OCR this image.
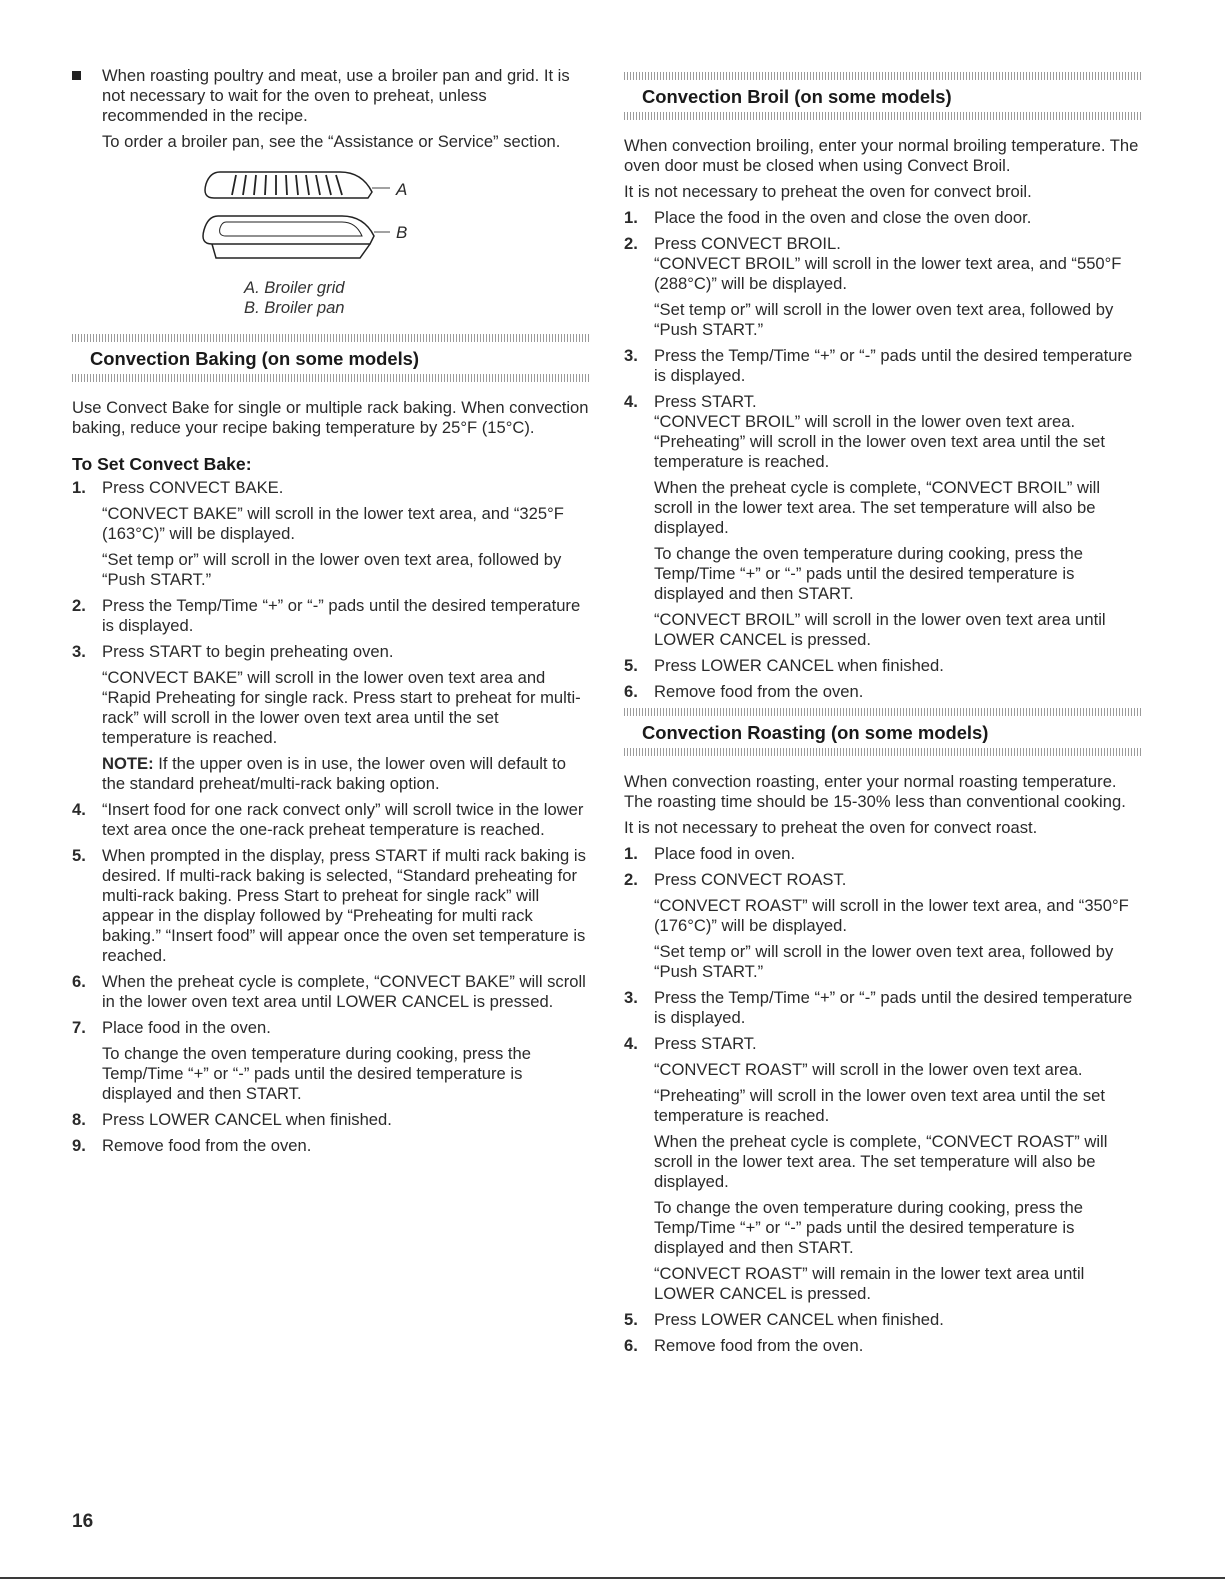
When roasting poultry and meat, use a broiler pan and grid. It is not necessary to wait for the oven to preheat, unless recommended in the recipe.

To order a broiler pan, see the “Assistance or Service” section.

A
B
A. Broiler grid
B. Broiler pan
Convection Baking (on some models)

Use Convect Bake for single or multiple rack baking. When convection baking, reduce your recipe baking temperature by 25°F (15°C).

To Set Convect Bake:
1. Press CONVECT BAKE.

“CONVECT BAKE” will scroll in the lower text area, and “325°F (163°C)” will be displayed.

“Set temp or” will scroll in the lower oven text area, followed by “Push START.”

2. Press the Temp/Time “+” or “-” pads until the desired temperature is displayed.

3. Press START to begin preheating oven.

“CONVECT BAKE” will scroll in the lower oven text area and “Rapid Preheating for single rack. Press start to preheat for multi-rack” will scroll in the lower oven text area until the set temperature is reached.

NOTE: If the upper oven is in use, the lower oven will default to the standard preheat/multi-rack baking option.

4. “Insert food for one rack convect only” will scroll twice in the lower text area once the one-rack preheat temperature is reached.

5. When prompted in the display, press START if multi rack baking is desired. If multi-rack baking is selected, “Standard preheating for multi-rack baking. Press Start to preheat for single rack” will appear in the display followed by “Preheating for multi rack baking.” “Insert food” will appear once the oven set temperature is reached.

6. When the preheat cycle is complete, “CONVECT BAKE” will scroll in the lower oven text area until LOWER CANCEL is pressed.

7. Place food in the oven.

To change the oven temperature during cooking, press the Temp/Time “+” or “-” pads until the desired temperature is displayed and then START.

8. Press LOWER CANCEL when finished.

9. Remove food from the oven.

Convection Broil (on some models)

When convection broiling, enter your normal broiling temperature. The oven door must be closed when using Convect Broil.

It is not necessary to preheat the oven for convect broil.

1. Place the food in the oven and close the oven door.

2. Press CONVECT BROIL.

“CONVECT BROIL” will scroll in the lower text area, and “550°F (288°C)” will be displayed.

“Set temp or” will scroll in the lower oven text area, followed by “Push START.”

3. Press the Temp/Time “+” or “-” pads until the desired temperature is displayed.

4. Press START.

“CONVECT BROIL” will scroll in the lower oven text area. “Preheating” will scroll in the lower oven text area until the set temperature is reached.

When the preheat cycle is complete, “CONVECT BROIL” will scroll in the lower text area. The set temperature will also be displayed.

To change the oven temperature during cooking, press the Temp/Time “+” or “-” pads until the desired temperature is displayed and then START.

“CONVECT BROIL” will scroll in the lower oven text area until LOWER CANCEL is pressed.

5. Press LOWER CANCEL when finished.

6. Remove food from the oven.

Convection Roasting (on some models)

When convection roasting, enter your normal roasting temperature. The roasting time should be 15-30% less than conventional cooking.

It is not necessary to preheat the oven for convect roast.

1. Place food in oven.

2. Press CONVECT ROAST.

“CONVECT ROAST” will scroll in the lower text area, and “350°F (176°C)” will be displayed.

“Set temp or” will scroll in the lower oven text area, followed by “Push START.”

3. Press the Temp/Time “+” or “-” pads until the desired temperature is displayed.

4. Press START.

“CONVECT ROAST” will scroll in the lower oven text area.

“Preheating” will scroll in the lower oven text area until the set temperature is reached.

When the preheat cycle is complete, “CONVECT ROAST” will scroll in the lower text area. The set temperature will also be displayed.

To change the oven temperature during cooking, press the Temp/Time “+” or “-” pads until the desired temperature is displayed and then START.

“CONVECT ROAST” will remain in the lower text area until LOWER CANCEL is pressed.

5. Press LOWER CANCEL when finished.

6. Remove food from the oven.

16
